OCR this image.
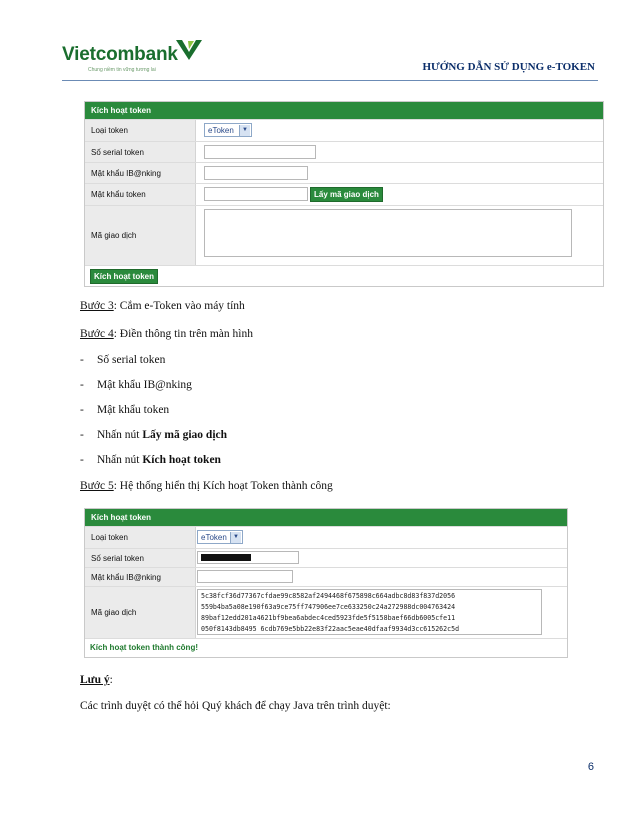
Vietcombank
Chung niềm tin vững tương lai	HƯỚNG DẪN SỬ DỤNG e-TOKEN
Kích hoạt token
Loại token	eToken	▼
Số serial token
Mật khẩu IB@nking
Mật khẩu token	Lấy mã giao dịch
Mã giao dịch
Kích hoạt token
Bước 3: Cắm e-Token vào máy tính
Bước 4: Điền thông tin trên màn hình
- Số serial token
- Mật khẩu IB@nking
- Mật khẩu token
- Nhấn nút Lấy mã giao dịch
- Nhấn nút Kích hoạt token
Bước 5: Hệ thống hiển thị Kích hoạt Token thành công
Kích hoạt token
Loại token	eToken	▼
Số serial token
Mật khẩu IB@nking
Mã giao dịch
5c38fcf36d77367cfdae99c8582af2494468f675898c664adbc8d83f837d2056
559b4ba5a08e190f63a9ce75ff747906ee7ce633250c24a272988dc004763424
89baf12edd201a4621bf9bea6abdec4ced5923fde5f5158baef66db6005cfe11
050f8143db8495 6cdb769e5bb22e83f22aac5eae40dfaaf9934d3cc615262c5d
Kích hoạt token thành công!
Lưu ý:
Các trình duyệt có thể hỏi Quý khách để chạy Java trên trình duyệt:
6
